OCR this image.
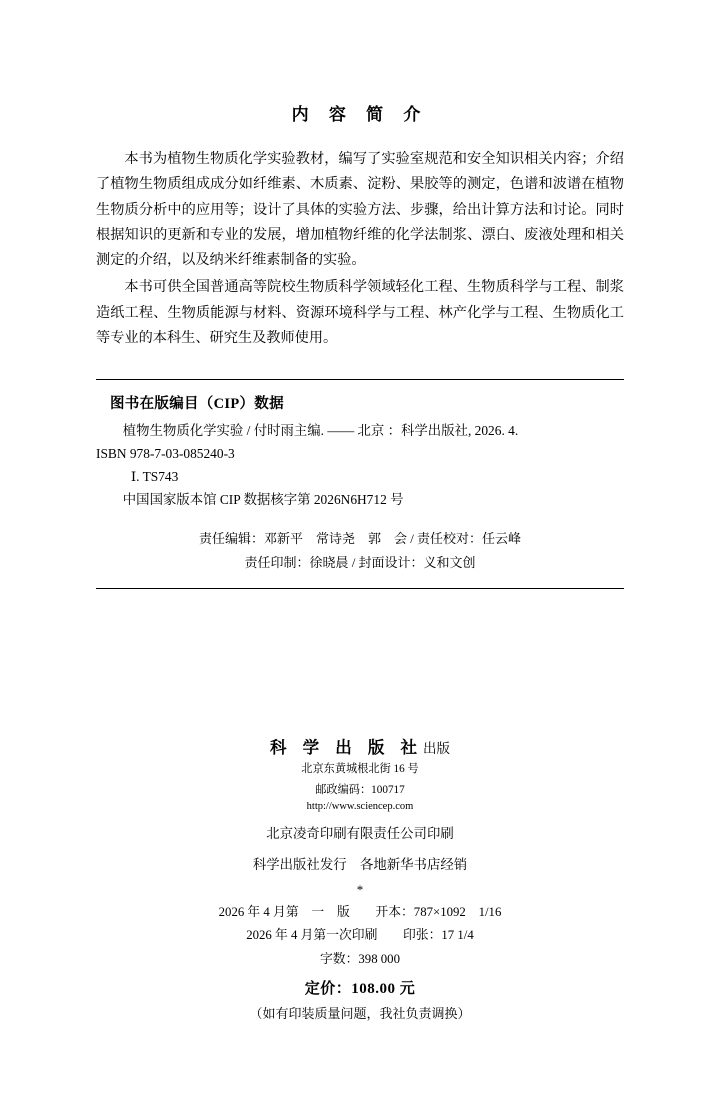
内 容 简 介

本书为植物生物质化学实验教材，编写了实验室规范和安全知识相关内容；介绍了植物生物质组成成分如纤维素、木质素、淀粉、果胶等的测定，色谱和波谱在植物生物质分析中的应用等；设计了具体的实验方法、步骤，给出计算方法和讨论。同时根据知识的更新和专业的发展，增加植物纤维的化学法制浆、漂白、废液处理和相关测定的介绍，以及纳米纤维素制备的实验。

本书可供全国普通高等院校生物质科学领域轻化工程、生物质科学与工程、制浆造纸工程、生物质能源与材料、资源环境科学与工程、林产化学与工程、生物质化工等专业的本科生、研究生及教师使用。

图书在版编目（CIP）数据

植物生物质化学实验 / 付时雨主编. —— 北京 ：科学出版社, 2026. 4.

ISBN 978-7-03-085240-3

Ⅰ. TS743

中国国家版本馆 CIP 数据核字第 2026N6H712 号

责任编辑：邓新平　常诗尧　郭　会 / 责任校对：任云峰
责任印制：徐晓晨 / 封面设计：义和文创
科 学 出 版 社出版
北京东黄城根北街 16 号
邮政编码：100717
http://www.sciencep.com
北京凌奇印刷有限责任公司印刷
科学出版社发行　各地新华书店经销
*
2026 年 4 月第　一　版　　开本：787×1092　1/16
2026 年 4 月第一次印刷　　印张：17 1/4
字数：398 000
定价：108.00 元
（如有印装质量问题，我社负责调换）
